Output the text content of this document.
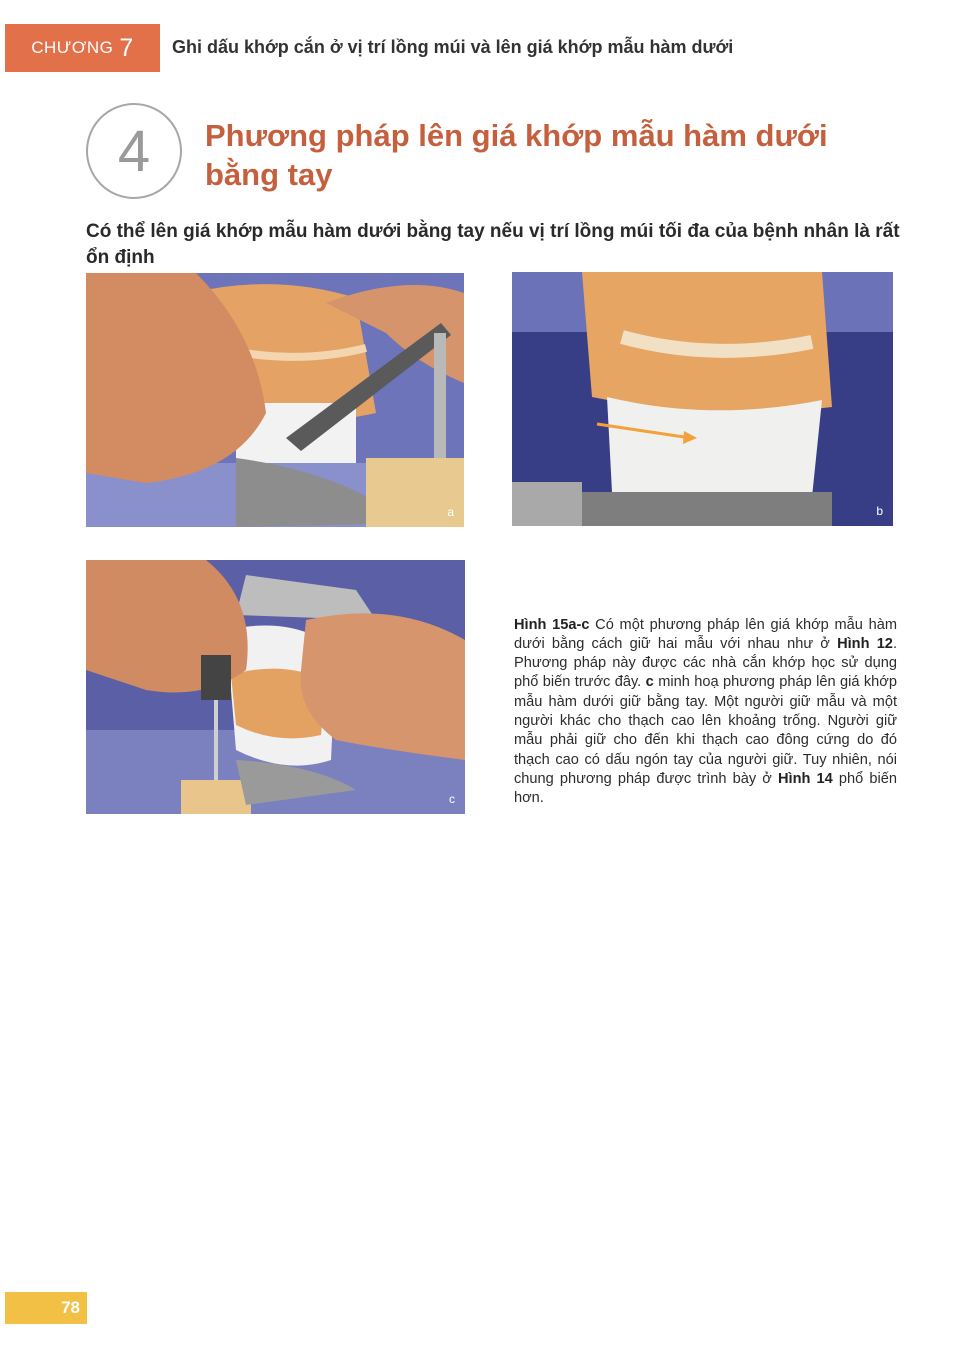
CHƯƠNG 7 Ghi dấu khớp cắn ở vị trí lồng múi và lên giá khớp mẫu hàm dưới
4 Phương pháp lên giá khớp mẫu hàm dưới bằng tay
Có thể lên giá khớp mẫu hàm dưới bằng tay nếu vị trí lồng múi tối đa của bệnh nhân là rất ổn định
a	b
c

Hình 15a-c Có một phương pháp lên giá khớp mẫu hàm dưới bằng cách giữ hai mẫu với nhau như ở Hình 12. Phương pháp này được các nhà cắn khớp học sử dụng phổ biến trước đây. c minh hoạ phương pháp lên giá khớp mẫu hàm dưới giữ bằng tay. Một người giữ mẫu và một người khác cho thạch cao lên khoảng trống. Người giữ mẫu phải giữ cho đến khi thạch cao đông cứng do đó thạch cao có dấu ngón tay của người giữ. Tuy nhiên, nói chung phương pháp được trình bày ở Hình 14 phổ biến hơn.

78
